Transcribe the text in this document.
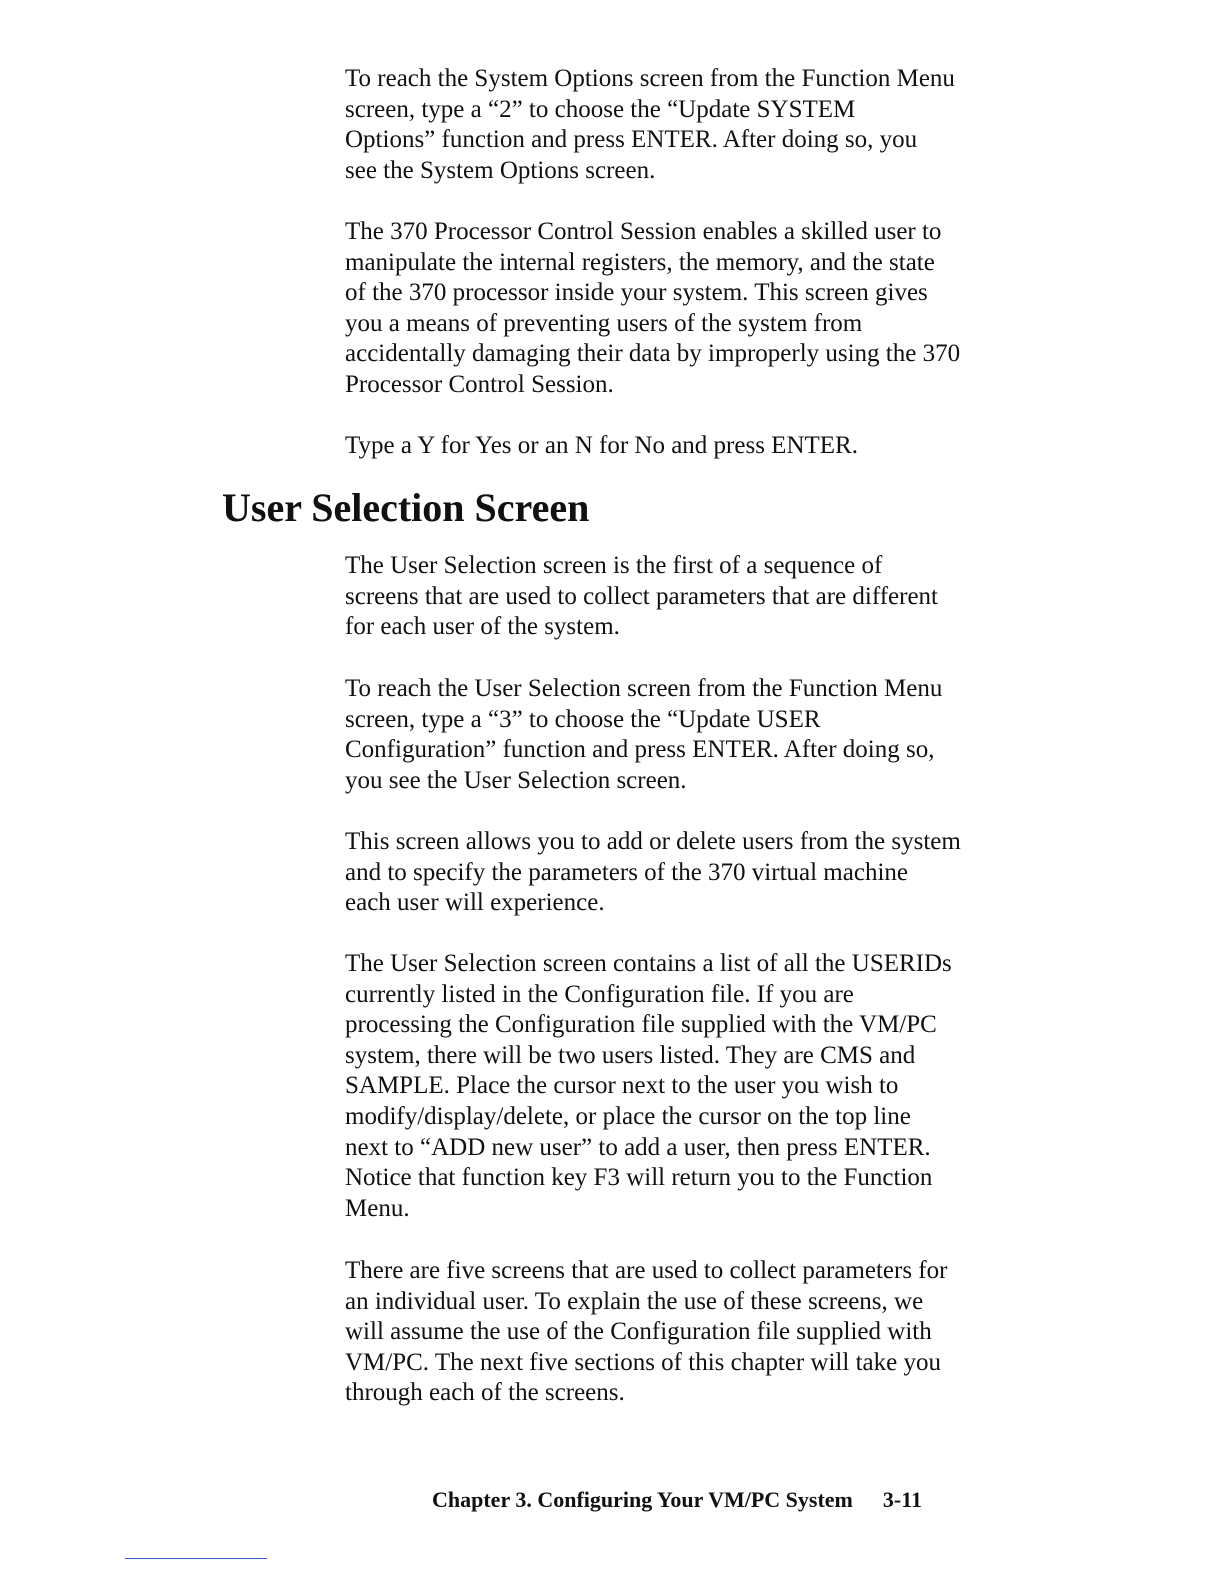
To reach the System Options screen from the Function Menu
screen, type a “2” to choose the “Update SYSTEM
Options” function and press ENTER. After doing so, you
see the System Options screen.

The 370 Processor Control Session enables a skilled user to
manipulate the internal registers, the memory, and the state
of the 370 processor inside your system. This screen gives
you a means of preventing users of the system from
accidentally damaging their data by improperly using the 370
Processor Control Session.

Type a Y for Yes or an N for No and press ENTER.

User Selection Screen

The User Selection screen is the first of a sequence of
screens that are used to collect parameters that are different
for each user of the system.

To reach the User Selection screen from the Function Menu
screen, type a “3” to choose the “Update USER
Configuration” function and press ENTER. After doing so,
you see the User Selection screen.

This screen allows you to add or delete users from the system
and to specify the parameters of the 370 virtual machine
each user will experience.

The User Selection screen contains a list of all the USERIDs
currently listed in the Configuration file. If you are
processing the Configuration file supplied with the VM/PC
system, there will be two users listed. They are CMS and
SAMPLE. Place the cursor next to the user you wish to
modify/display/delete, or place the cursor on the top line
next to “ADD new user” to add a user, then press ENTER.
Notice that function key F3 will return you to the Function
Menu.

There are five screens that are used to collect parameters for
an individual user. To explain the use of these screens, we
will assume the use of the Configuration file supplied with
VM/PC. The next five sections of this chapter will take you
through each of the screens.

Chapter 3. Configuring Your VM/PC System 3-11
